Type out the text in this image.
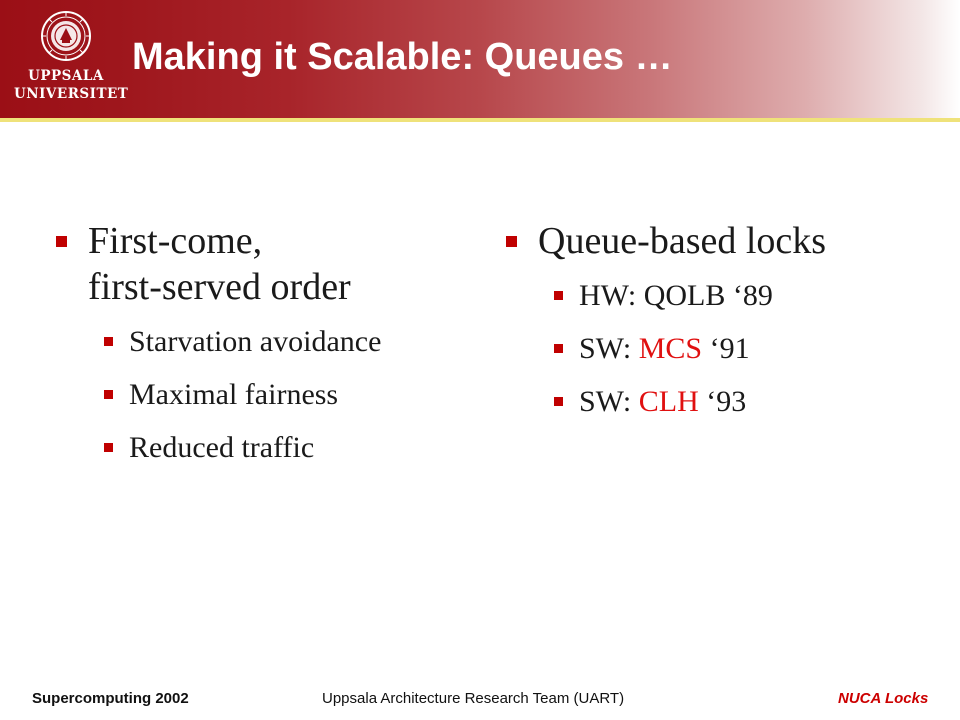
UPPSALA
UNIVERSITET
Making it Scalable: Queues …
First-come,
first-served order
Starvation avoidance
Maximal fairness
Reduced traffic
Queue-based locks
HW: QOLB ‘89
SW: MCS ‘91
SW: CLH ‘93
Supercomputing 2002	Uppsala Architecture Research Team (UART)	NUCA Locks
